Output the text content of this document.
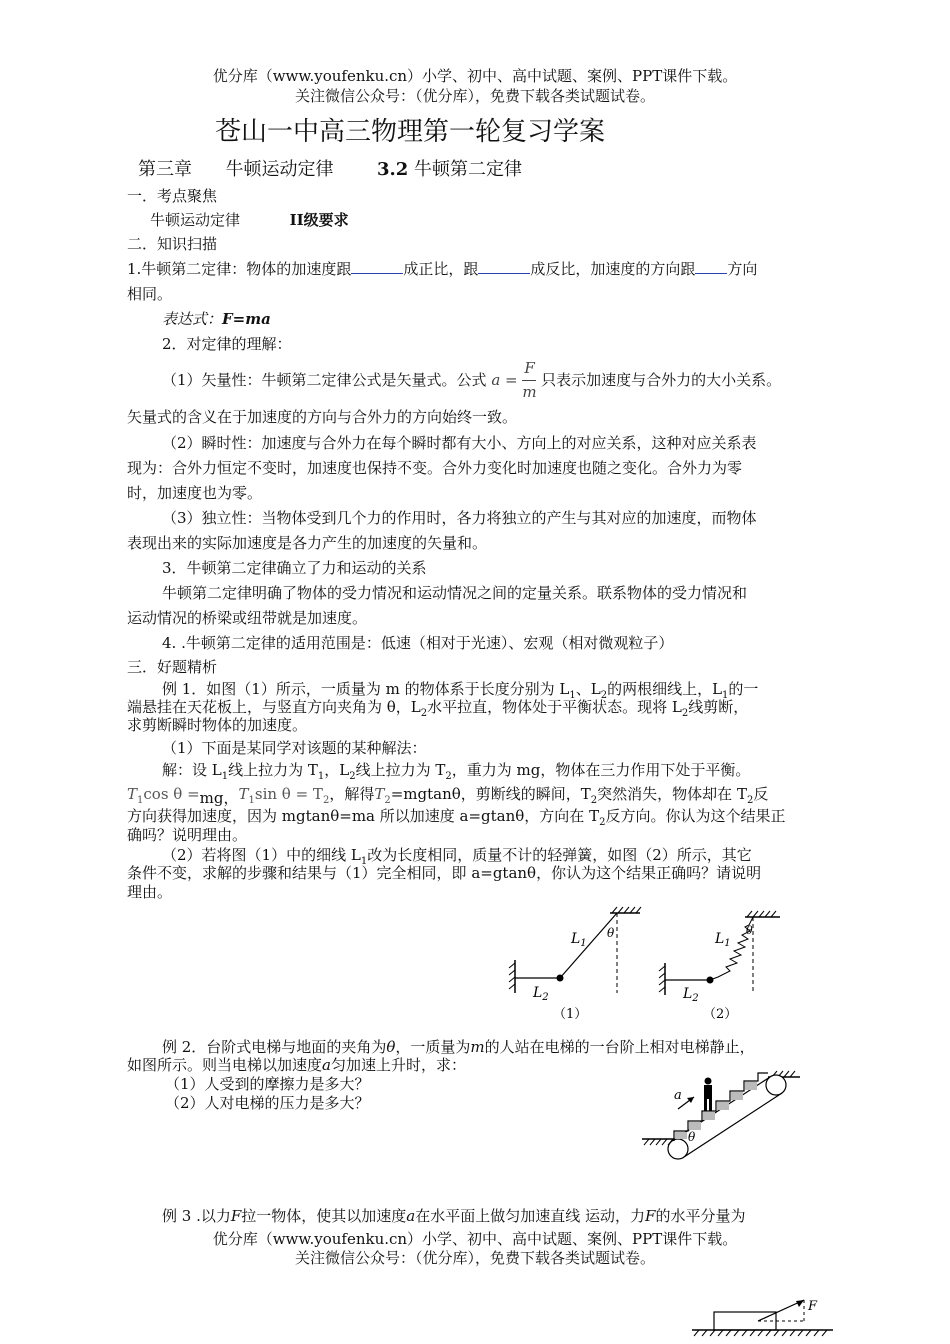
优分库（www.youfenku.cn）小学、初中、高中试题、案例、PPT课件下载。
关注微信公众号：（优分库），免费下载各类试题试卷。
苍山一中高三物理第一轮复习学案
第三章 牛顿运动定律 3.2 牛顿第二定律
一．考点聚焦
牛顿运动定律	II级要求
二．知识扫描
1.牛顿第二定律：物体的加速度跟	成正比，跟	成反比，加速度的方向跟 方向
相同。
表达式：F=ma
2．对定律的理解：
（1）矢量性：牛顿第二定律公式是矢量式。公式 $a = \frac{F}{m}$ 只表示加速度与合外力的大小关系。
矢量式的含义在于加速度的方向与合外力的方向始终一致。
（2）瞬时性：加速度与合外力在每个瞬时都有大小、方向上的对应关系，这种对应关系表
现为：合外力恒定不变时，加速度也保持不变。合外力变化时加速度也随之变化。合外力为零
时，加速度也为零。
（3）独立性：当物体受到几个力的作用时，各力将独立的产生与其对应的加速度，而物体
表现出来的实际加速度是各力产生的加速度的矢量和。
3．牛顿第二定律确立了力和运动的关系
牛顿第二定律明确了物体的受力情况和运动情况之间的定量关系。联系物体的受力情况和
运动情况的桥梁或纽带就是加速度。
4. .牛顿第二定律的适用范围是：低速（相对于光速）、宏观（相对微观粒子）
三．好题精析
例 1．如图（1）所示，一质量为 m 的物体系于长度分别为 $L_1$、$L_2$的两根细线上，$L_1$的一
端悬挂在天花板上，与竖直方向夹角为 θ，$L_2$水平拉直，物体处于平衡状态。现将 $L_2$线剪断，
求剪断瞬时物体的加速度。
（1）下面是某同学对该题的某种解法：
解：设 $L_1$线上拉力为 $T_1$，$L_2$线上拉力为 $T_2$，重力为 mg，物体在三力作用下处于平衡。
$T_1\cos$ θ =mg，$T_1\sin$ $\theta = T_2$，解得$T_2=mgtan\theta$，剪断线的瞬间，$T_2$突然消失，物体却在 $T_2$反
方向获得加速度，因为 mgtanθ=ma 所以加速度 a=gtanθ，方向在 $T_2$反方向。你认为这个结果正
确吗？说明理由。
（2）若将图（1）中的细线 $L_1$改为长度相同，质量不计的轻弹簧，如图（2）所示，其它
条件不变，求解的步骤和结果与（1）完全相同，即 a=gtanθ，你认为这个结果正确吗？请说明
理由。
$L_1$
θ
$L_2$
（1）
$L_1$
θ
$L_2$
（2）
例 2．台阶式电梯与地面的夹角为θ，一质量为m的人站在电梯的一台阶上相对电梯静止，
如图所示。则当电梯以加速度a匀加速上升时，求：
（1）人受到的摩擦力是多大？
（2）人对电梯的压力是多大？	a
θ
例 3 .以力F拉一物体，使其以加速度a在水平面上做匀加速直线 运动，力F的水平分量为
优分库（www.youfenku.cn）小学、初中、高中试题、案例、PPT课件下载。
关注微信公众号：（优分库），免费下载各类试题试卷。
F
